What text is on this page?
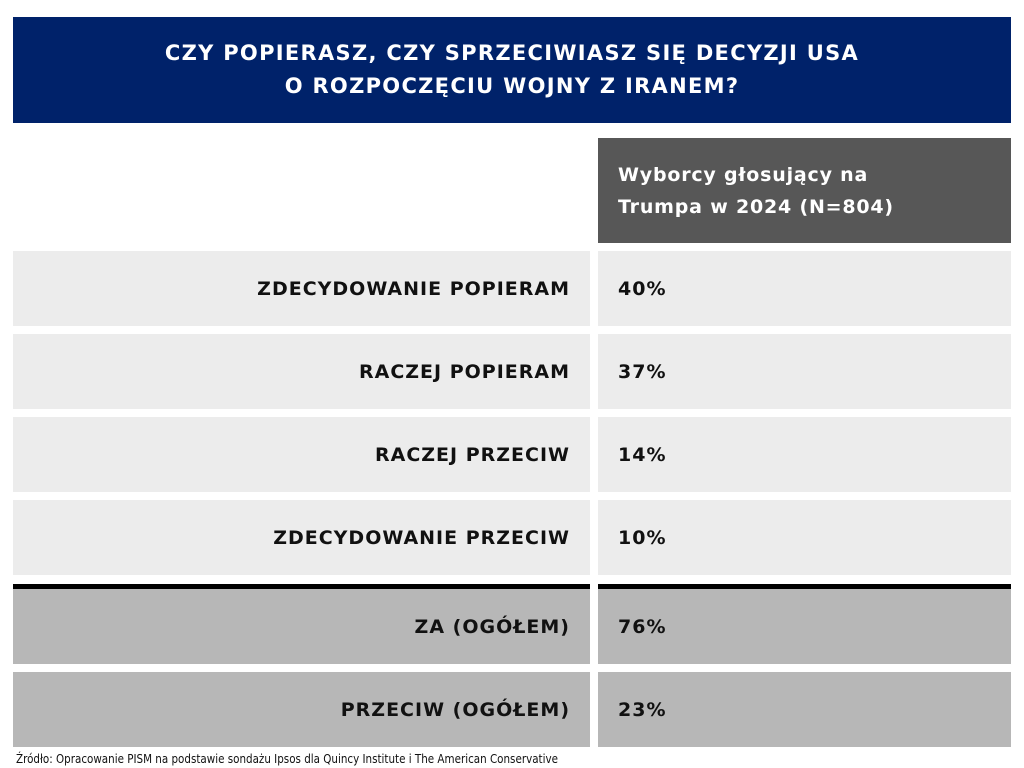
CZY POPIERASZ, CZY SPRZECIWIASZ SIĘ DECYZJI USA
O ROZPOCZĘCIU WOJNY Z IRANEM?
Wyborcy głosujący na
Trumpa w 2024 (N=804)
ZDECYDOWANIE POPIERAM	40%
RACZEJ POPIERAM	37%
RACZEJ PRZECIW	14%
ZDECYDOWANIE PRZECIW	10%
ZA (OGÓŁEM)	76%
PRZECIW (OGÓŁEM)	23%
Źródło: Opracowanie PISM na podstawie sondażu Ipsos dla Quincy Institute i The American Conservative
